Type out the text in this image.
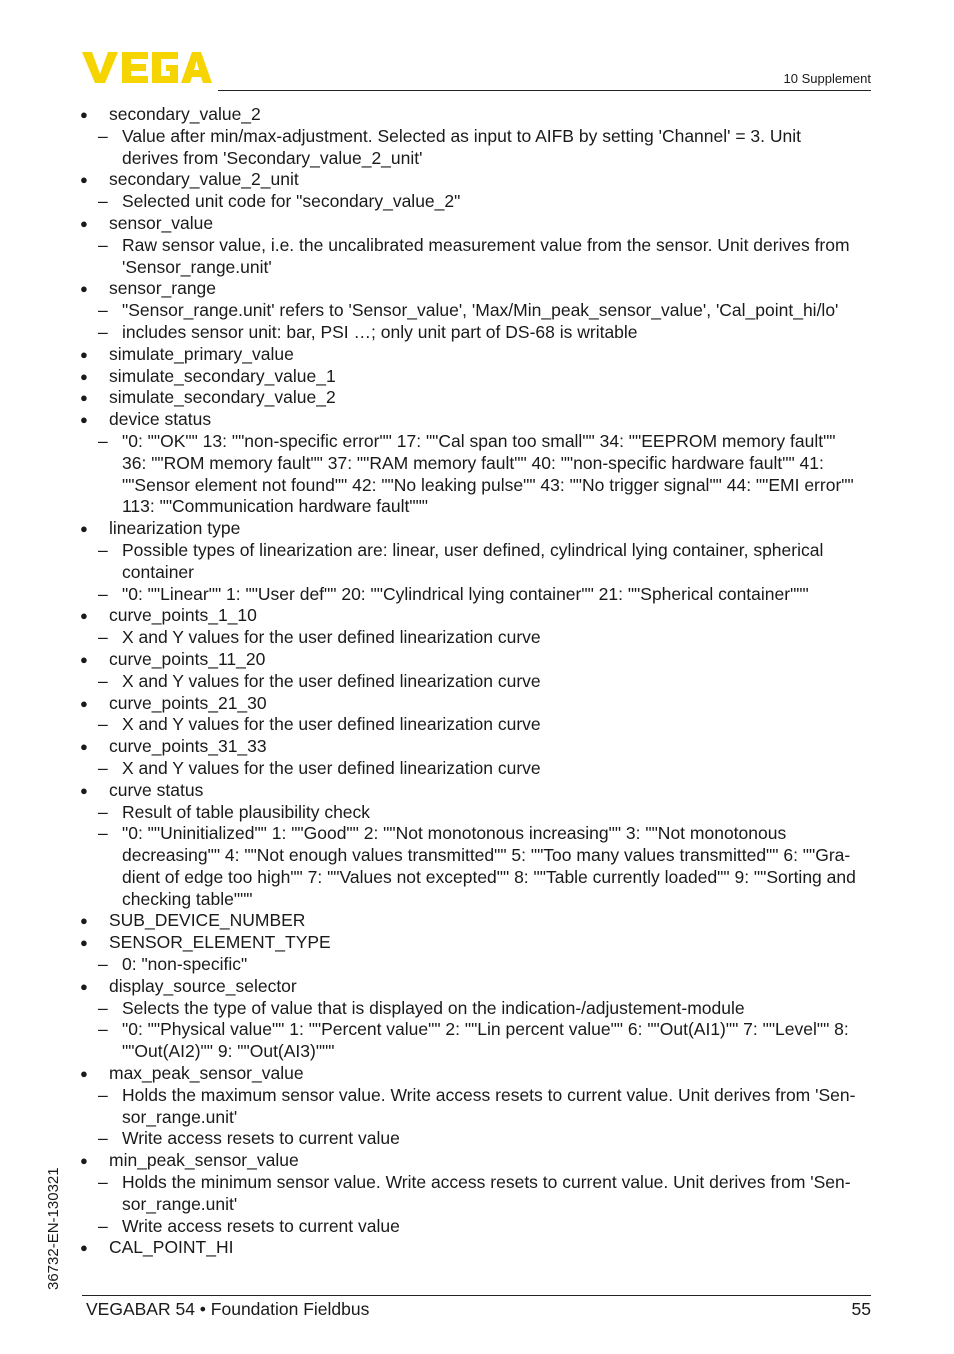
10 Supplement
●	secondary_value_2
– Value after min/max-adjustment. Selected as input to AIFB by setting 'Channel' = 3. Unit
derives from 'Secondary_value_2_unit'
●	secondary_value_2_unit
– Selected unit code for "secondary_value_2"
●	sensor_value
– Raw sensor value, i.e. the uncalibrated measurement value from the sensor. Unit derives from
'Sensor_range.unit'
●	sensor_range
– "Sensor_range.unit' refers to 'Sensor_value', 'Max/Min_peak_sensor_value', 'Cal_point_hi/lo'
– includes sensor unit: bar, PSI …; only unit part of DS-68 is writable
●	simulate_primary_value
●	simulate_secondary_value_1
●	simulate_secondary_value_2
●	device status
– "0: ""OK"" 13: ""non-specific error"" 17: ""Cal span too small"" 34: ""EEPROM memory fault""
36: ""ROM memory fault"" 37: ""RAM memory fault"" 40: ""non-specific hardware fault"" 41:
""Sensor element not found"" 42: ""No leaking pulse"" 43: ""No trigger signal"" 44: ""EMI error""
113: ""Communication hardware fault"""
●	linearization type
– Possible types of linearization are: linear, user defined, cylindrical lying container, spherical
container
– "0: ""Linear"" 1: ""User def"" 20: ""Cylindrical lying container"" 21: ""Spherical container"""
●	curve_points_1_10
– X and Y values for the user defined linearization curve
●	curve_points_11_20
– X and Y values for the user defined linearization curve
●	curve_points_21_30
– X and Y values for the user defined linearization curve
●	curve_points_31_33
– X and Y values for the user defined linearization curve
●	curve status
– Result of table plausibility check
– "0: ""Uninitialized"" 1: ""Good"" 2: ""Not monotonous increasing"" 3: ""Not monotonous
decreasing"" 4: ""Not enough values transmitted"" 5: ""Too many values transmitted"" 6: ""Gra-
dient of edge too high"" 7: ""Values not excepted"" 8: ""Table currently loaded"" 9: ""Sorting and
checking table"""
●	SUB_DEVICE_NUMBER
●	SENSOR_ELEMENT_TYPE
– 0: "non-specific"
●	display_source_selector
– Selects the type of value that is displayed on the indication-/adjustement-module
– "0: ""Physical value"" 1: ""Percent value"" 2: ""Lin percent value"" 6: ""Out(AI1)"" 7: ""Level"" 8:
""Out(AI2)"" 9: ""Out(AI3)"""
●	max_peak_sensor_value
– Holds the maximum sensor value. Write access resets to current value. Unit derives from 'Sen-
sor_range.unit'
– Write access resets to current value
●	min_peak_sensor_value
– Holds the minimum sensor value. Write access resets to current value. Unit derives from 'Sen-
sor_range.unit'
– Write access resets to current value
●	CAL_POINT_HI
36732-EN-130321
VEGABAR 54 • Foundation Fieldbus	55
